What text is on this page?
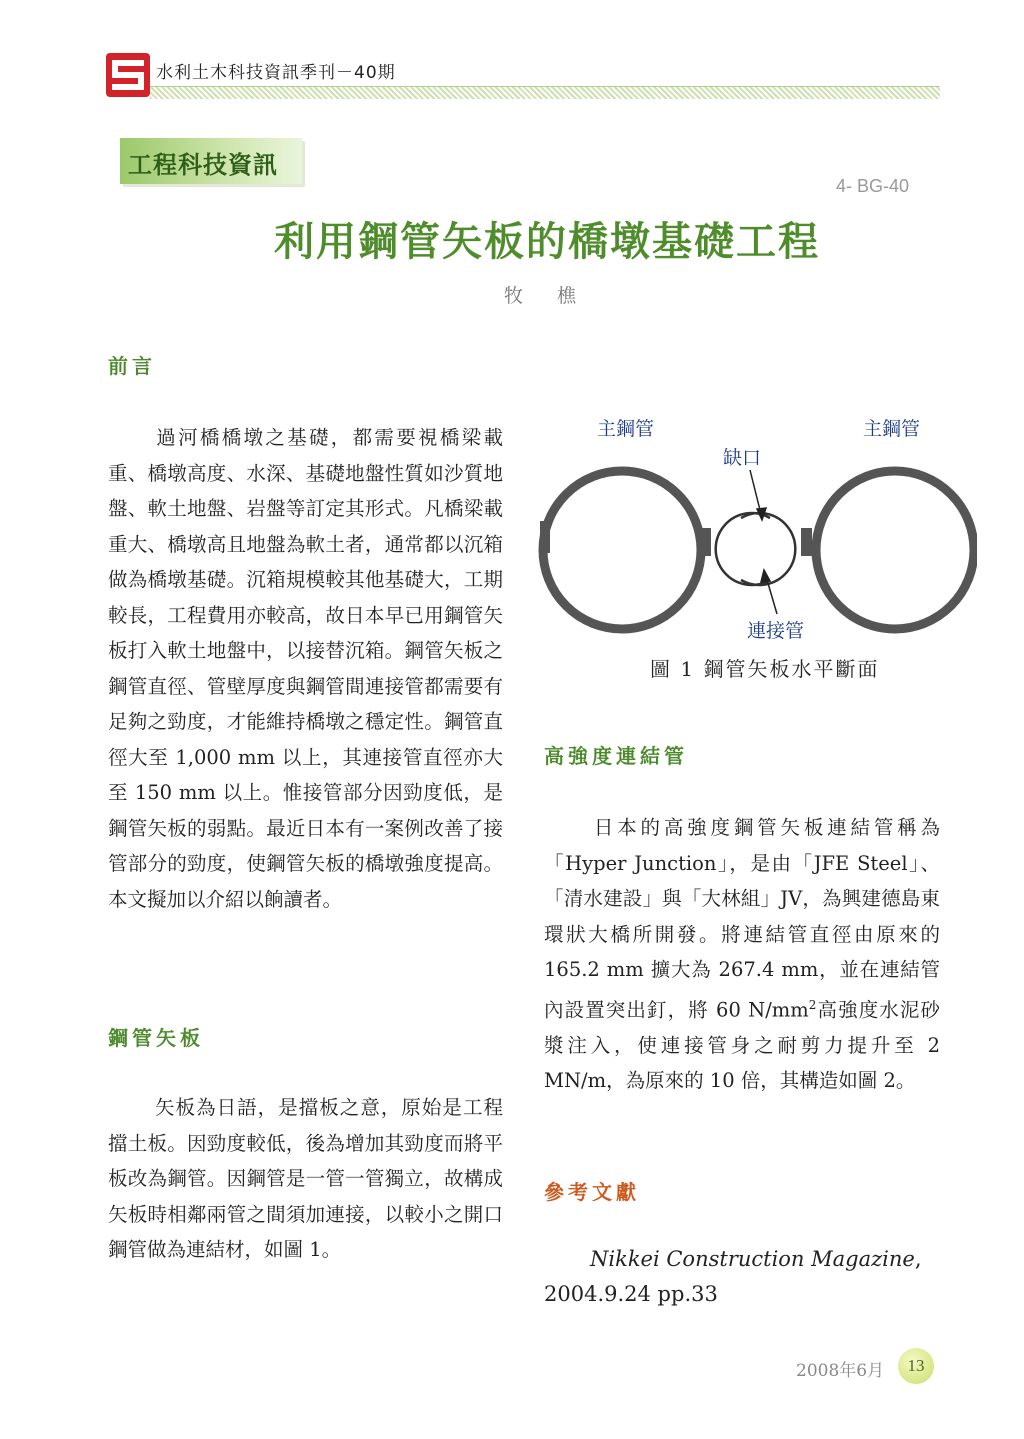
水利土木科技資訊季刊－40期
工程科技資訊
4- BG-40
利用鋼管矢板的橋墩基礎工程
牧 樵
前言

過河橋橋墩之基礎，都需要視橋梁載重、橋墩高度、水深、基礎地盤性質如沙質地盤、軟土地盤、岩盤等訂定其形式。凡橋梁載重大、橋墩高且地盤為軟土者，通常都以沉箱做為橋墩基礎。沉箱規模較其他基礎大，工期較長，工程費用亦較高，故日本早已用鋼管矢板打入軟土地盤中，以接替沉箱。鋼管矢板之鋼管直徑、管壁厚度與鋼管間連接管都需要有足夠之勁度，才能維持橋墩之穩定性。鋼管直徑大至 1,000 mm 以上，其連接管直徑亦大至 150 mm 以上。惟接管部分因勁度低，是鋼管矢板的弱點。最近日本有一案例改善了接管部分的勁度，使鋼管矢板的橋墩強度提高。本文擬加以介紹以餉讀者。

鋼管矢板

矢板為日語，是擋板之意，原始是工程擋土板。因勁度較低，後為增加其勁度而將平板改為鋼管。因鋼管是一管一管獨立，故構成矢板時相鄰兩管之間須加連接，以較小之開口鋼管做為連結材，如圖 1。

主鋼管	主鋼管
缺口
連接管
圖 1 鋼管矢板水平斷面
高強度連結管

日本的高強度鋼管矢板連結管稱為「Hyper Junction」，是由「JFE Steel」、「清水建設」與「大林組」JV，為興建德島東環狀大橋所開發。將連結管直徑由原來的 165.2 mm 擴大為 267.4 mm，並在連結管內設置突出釘，將 60 $N/mm^2$高強度水泥砂漿注入，使連接管身之耐剪力提升至 2 MN/m，為原來的 10 倍，其構造如圖 2。

參考文獻
Nikkei Construction Magazine,
2004.9.24 pp.33
2008年6月	13
